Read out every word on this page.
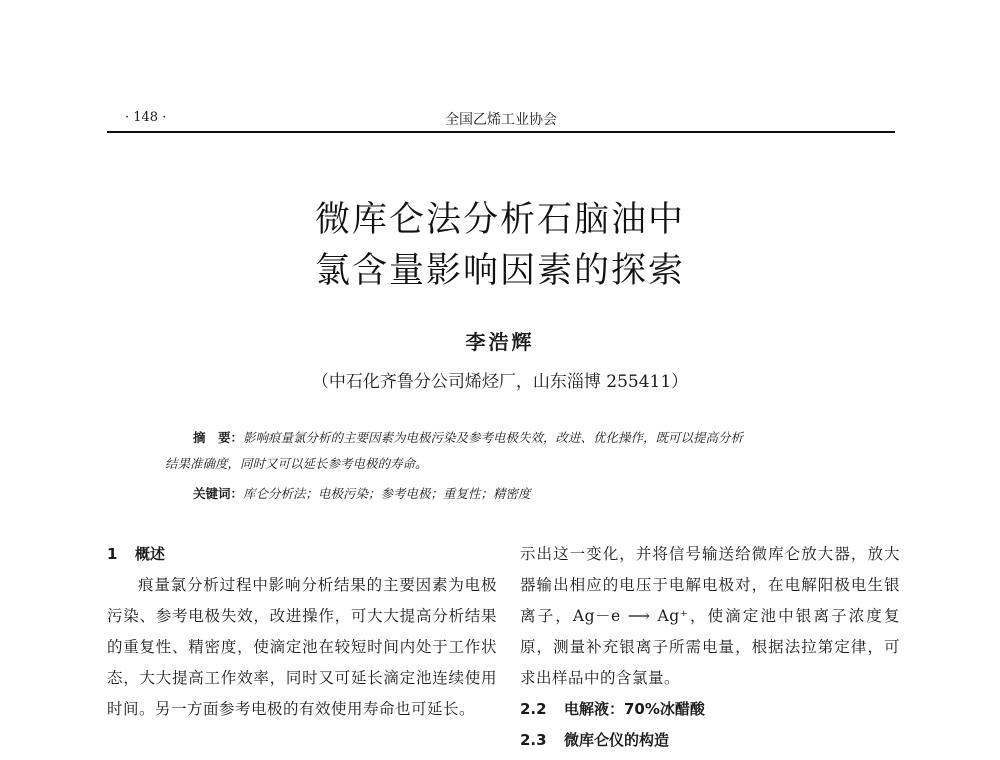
· 148 ·	全国乙烯工业协会
微库仑法分析石脑油中
氯含量影响因素的探索
李浩辉
（中石化齐鲁分公司烯烃厂，山东淄博 255411）
摘　要：影响痕量氯分析的主要因素为电极污染及参考电极失效，改进、优化操作，既可以提高分析
结果准确度，同时又可以延长参考电极的寿命。
关键词：库仑分析法；电极污染；参考电极；重复性；精密度
1 概述
痕量氯分析过程中影响分析结果的主要因素为电极污染、参考电极失效，改进操作，可大大提高分析结果的重复性、精密度，使滴定池在较短时间内处于工作状态，大大提高工作效率，同时又可延长滴定池连续使用时间。另一方面参考电极的有效使用寿命也可延长。
示出这一变化，并将信号输送给微库仑放大器，放大器输出相应的电压于电解电极对，在电解阳极电生银离子，Ag－e ⟶ Ag⁺，使滴定池中银离子浓度复原，测量补充银离子所需电量，根据法拉第定律，可求出样品中的含氯量。
2.2 电解液：70%冰醋酸
2.3 微库仑仪的构造
